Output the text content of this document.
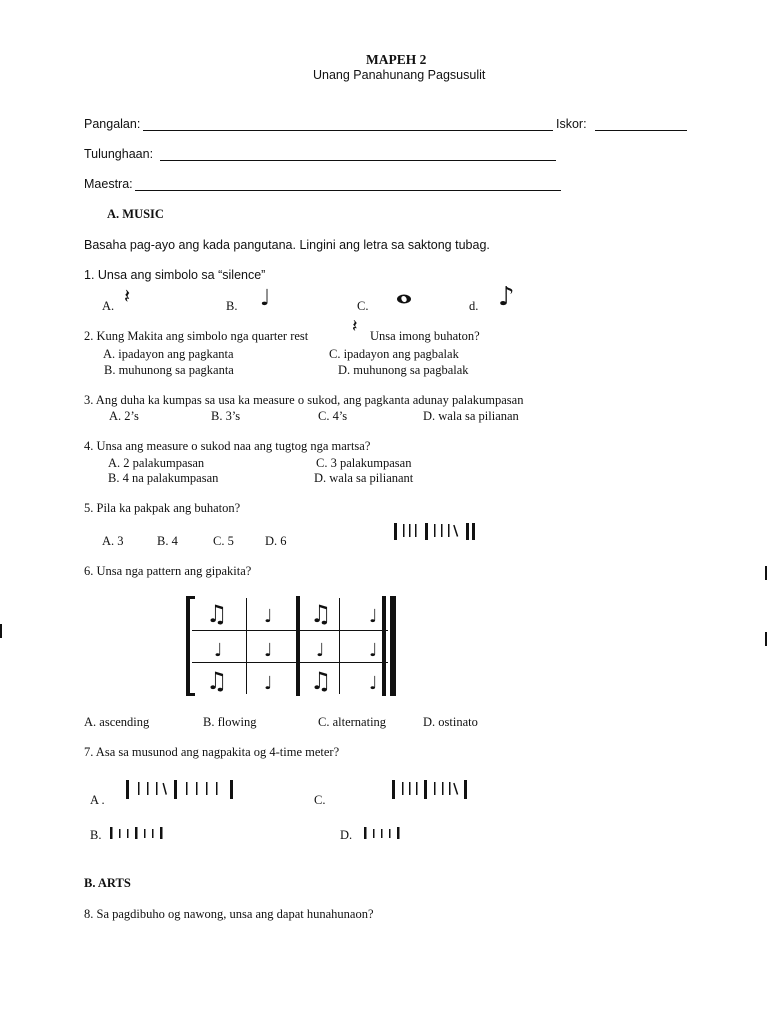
MAPEH 2
Unang Panahunang Pagsusulit
Pangalan:	Iskor:
Tulunghaan:
Maestra:
A. MUSIC
Basaha pag-ayo ang kada pangutana. Lingini ang letra sa saktong tubag.
1. Unsa ang simbolo sa “silence”
A. 𝄽	B. ♩	C.	d. ♪
2. Kung Makita ang simbolo nga quarter rest 𝄽 Unsa imong buhaton?
A. ipadayon ang pagkanta	C. ipadayon ang pagbalak
B. muhunong sa pagkanta	D. muhunong sa pagbalak
3. Ang duha ka kumpas sa usa ka measure o sukod, ang pagkanta adunay palakumpasan
A. 2’s	B. 3’s	C. 4’s	D. wala sa pilianan
4. Unsa ang measure o sukod naa ang tugtog nga martsa?
A. 2 palakumpasan	C. 3 palakumpasan
B. 4 na palakumpasan	D. wala sa pilianant
5. Pila ka pakpak ang buhaton?
A. 3	B. 4	C. 5 D. 6
6. Unsa nga pattern ang gipakita?
♫ ♩ ♫ ♩
♩ ♩ ♩ ♩
♫ ♩ ♫ ♩
A. ascending	B. flowing	C. alternating	D. ostinato
7. Asa sa musunod ang nagpakita og 4-time meter?
A .	C.
B.	D.
B. ARTS
8. Sa pagdibuho og nawong, unsa ang dapat hunahunaon?
